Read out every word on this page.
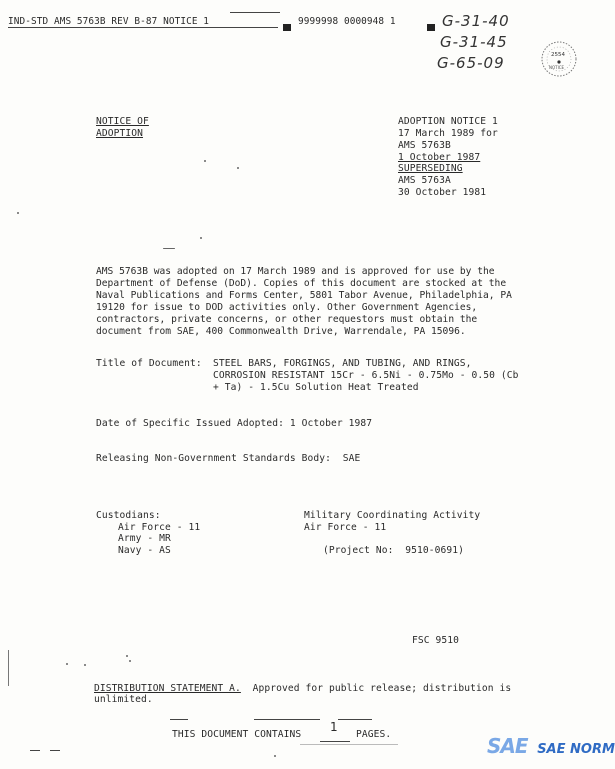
IND-STD AMS 5763B REV B-87 NOTICE 1	9999998 0000948 1	G-31-40
G-31-45
G-65-09	2554
NOTICE
NOTICE OF
ADOPTION
ADOPTION NOTICE 1
17 March 1989 for
AMS 5763B
1 October 1987
SUPERSEDING
AMS 5763A
30 October 1981
AMS 5763B was adopted on 17 March 1989 and is approved for use by the
Department of Defense (DoD). Copies of this document are stocked at the
Naval Publications and Forms Center, 5801 Tabor Avenue, Philadelphia, PA
19120 for issue to DOD activities only. Other Government Agencies,
contractors, private concerns, or other requestors must obtain the
document from SAE, 400 Commonwealth Drive, Warrendale, PA 15096.
Title of Document: STEEL BARS, FORGINGS, AND TUBING, AND RINGS,
CORROSION RESISTANT 15Cr - 6.5Ni - 0.75Mo - 0.50 (Cb
+ Ta) - 1.5Cu Solution Heat Treated
Date of Specific Issued Adopted: 1 October 1987
Releasing Non-Government Standards Body:  SAE
Custodians:
Air Force - 11
Army - MR
Navy - AS
Military Coordinating Activity
Air Force - 11
(Project No:  9510-0691)
FSC 9510
DISTRIBUTION STATEMENT A.  Approved for public release; distribution is
unlimited.
THIS DOCUMENT CONTAINS
1
PAGES.	SAE SAE NORM
